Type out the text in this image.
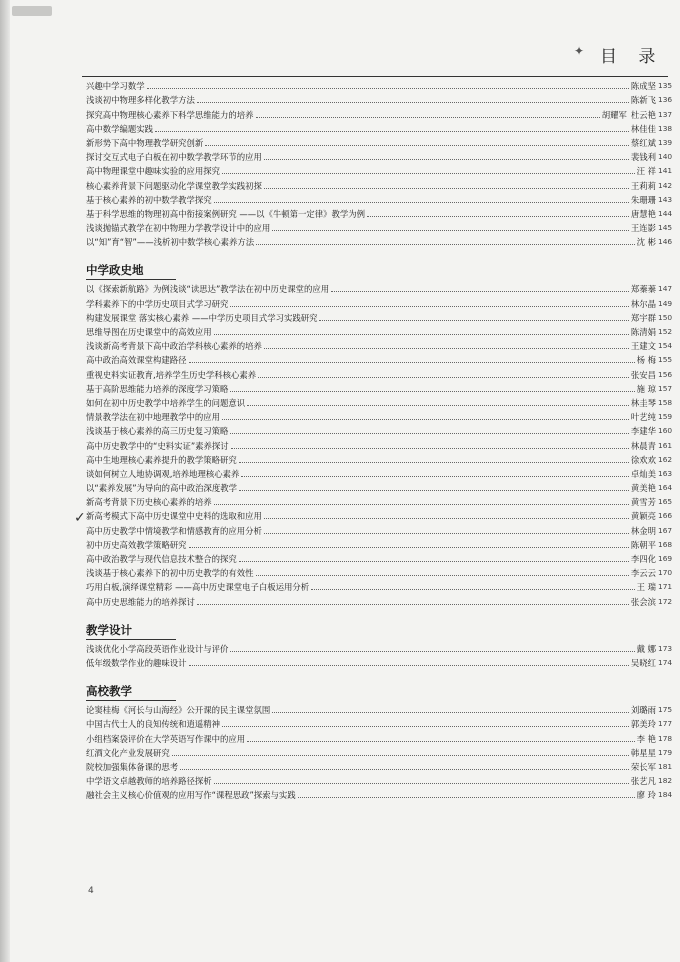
✦ 目 录
兴趣中学习数学	陈成坚 135
浅谈初中物理多样化教学方法	陈新飞 136
探究高中物理核心素养下科学思维能力的培养	胡耀军 杜云艳 137
高中数学编题实践	林佳佳 138
新形势下高中物理教学研究创新	蔡红斌 139
探讨交互式电子白板在初中数学教学环节的应用	裴钱利 140
高中物理课堂中趣味实验的应用探究	汪 祥 141
核心素养背景下问题驱动化学课堂教学实践初探	王莉莉 142
基于核心素养的初中数学教学探究	朱珊珊 143
基于科学思维的物理初高中衔接案例研究 ——以《牛顿第一定律》教学为例	唐慧艳 144
浅谈抛锚式教学在初中物理力学教学设计中的应用	王连影 145
以“知”育“智”——浅析初中数学核心素养方法	沈 彬 146
中学政史地
以《探索新航路》为例浅谈“读思达”教学法在初中历史课堂的应用	郑蓁蓁 147
学科素养下的中学历史项目式学习研究	林尔晶 149
构建发展课堂 落实核心素养 ——中学历史项目式学习实践研究	郑宇群 150
思维导图在历史课堂中的高效应用	陈清娟 152
浅谈新高考背景下高中政治学科核心素养的培养	王建文 154
高中政治高效课堂构建路径	杨 梅 155
重视史料实证教育,培养学生历史学科核心素养	张安昌 156
基于高阶思维能力培养的深度学习策略	施 琼 157
如何在初中历史教学中培养学生的问题意识	林圭琴 158
情景教学法在初中地理教学中的应用	叶艺纯 159
浅谈基于核心素养的高三历史复习策略	李建华 160
高中历史教学中的“史料实证”素养探讨	林晨青 161
高中生地理核心素养提升的教学策略研究	徐欢欢 162
谈如何树立人地协调观,培养地理核心素养	卓灿美 163
以“素养发展”为导向的高中政治深度教学	黄美艳 164
新高考背景下历史核心素养的培养	黄雪芳 165
新高考模式下高中历史课堂中史料的选取和应用	黄颖亮 166
高中历史教学中情境教学和情感教育的应用分析	林金明 167
初中历史高效教学策略研究	陈朝平 168
高中政治教学与现代信息技术整合的探究	李四化 169
浅谈基于核心素养下的初中历史教学的有效性	李云云 170
巧用白板,演绎课堂精彩 ——高中历史课堂电子白板运用分析	王 瑞 171
高中历史思维能力的培养探讨	张会滨 172
教学设计
浅谈优化小学高段英语作业设计与评价	戴 娜 173
低年级数学作业的趣味设计	吴晓红 174
高校教学
论窦桂梅《河长与山海经》公开课的民主课堂氛围	刘璐雨 175
中国古代士人的良知传统和逍遥精神	郭美玲 177
小组档案袋评价在大学英语写作课中的应用	李 艳 178
红酒文化产业发展研究	韩星星 179
院校加强集体备课的思考	荣长军 181
中学语文卓越教师的培养路径探析	张艺凡 182
融社会主义核心价值观的应用写作“课程思政”探索与实践	廖 玲 184
✓
4
